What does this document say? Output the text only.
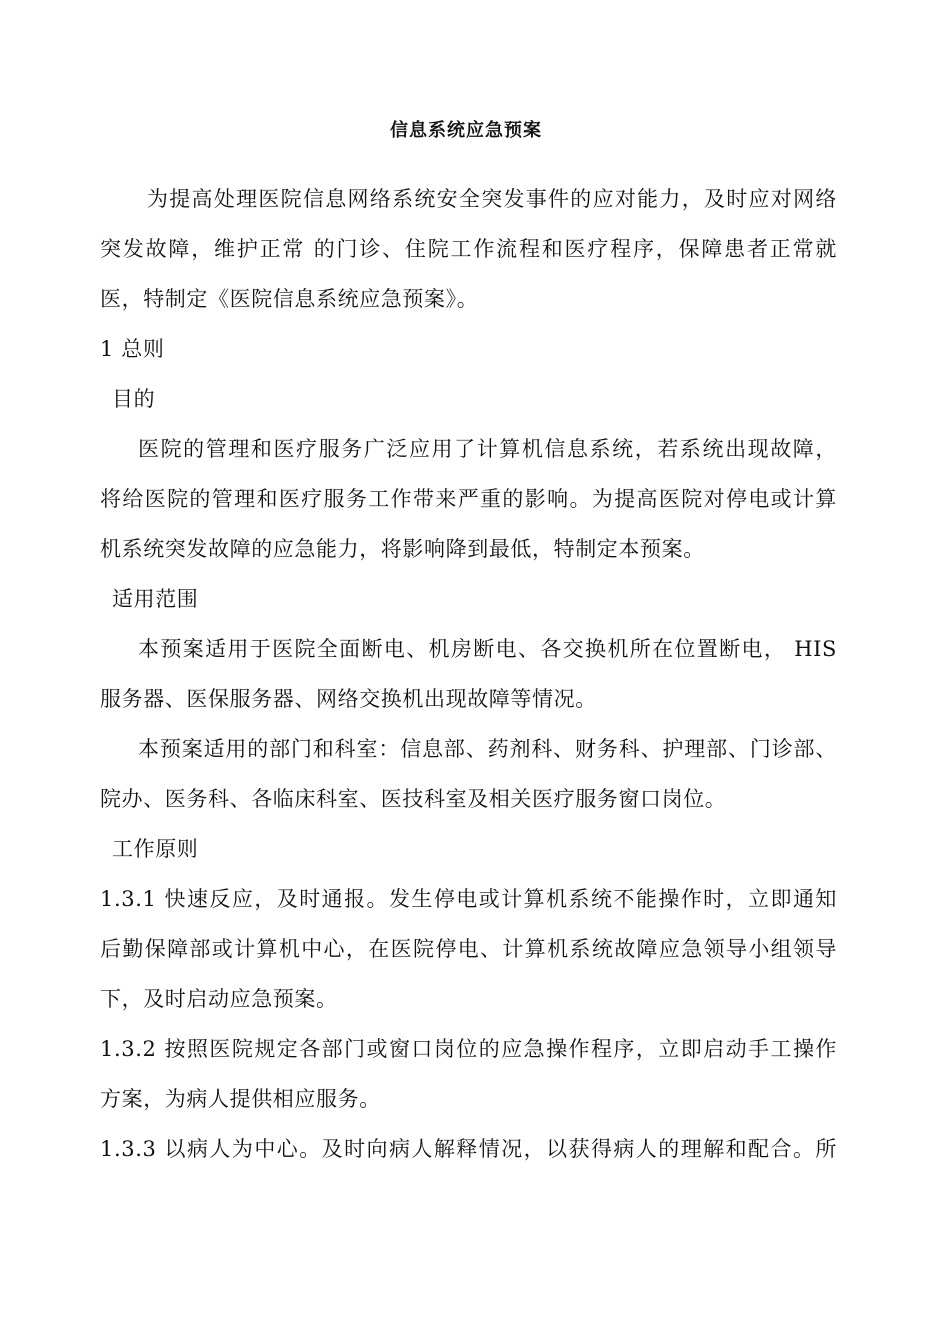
信息系统应急预案
为提高处理医院信息网络系统安全突发事件的应对能力，及时应对网络
突发故障，维护正常 的门诊、住院工作流程和医疗程序，保障患者正常就
医，特制定《医院信息系统应急预案》。
1 总则
目的
医院的管理和医疗服务广泛应用了计算机信息系统，若系统出现故障，
将给医院的管理和医疗服务工作带来严重的影响。为提高医院对停电或计算
机系统突发故障的应急能力，将影响降到最低，特制定本预案。
适用范围
本预案适用于医院全面断电、机房断电、各交换机所在位置断电， HIS
服务器、医保服务器、网络交换机出现故障等情况。
本预案适用的部门和科室：信息部、药剂科、财务科、护理部、门诊部、
院办、医务科、各临床科室、医技科室及相关医疗服务窗口岗位。
工作原则
1.3.1 快速反应，及时通报。发生停电或计算机系统不能操作时，立即通知
后勤保障部或计算机中心，在医院停电、计算机系统故障应急领导小组领导
下，及时启动应急预案。
1.3.2 按照医院规定各部门或窗口岗位的应急操作程序，立即启动手工操作
方案，为病人提供相应服务。
1.3.3 以病人为中心。及时向病人解释情况，以获得病人的理解和配合。所
